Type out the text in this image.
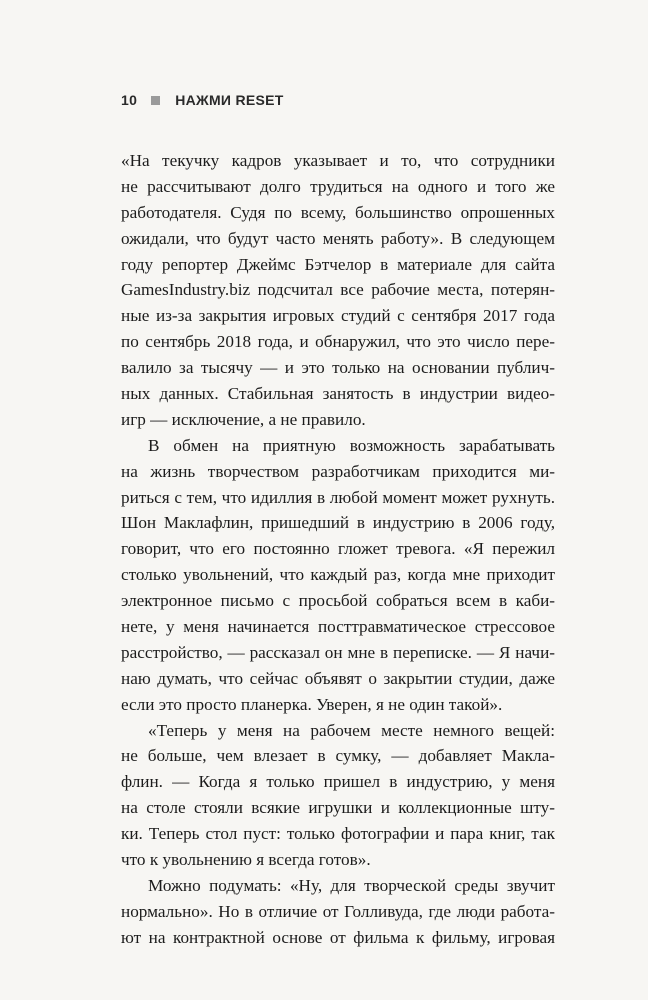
10	НАЖМИ RESET
«На текучку кадров указывает и то, что сотрудники
не рассчитывают долго трудиться на одного и того же
работодателя. Судя по всему, большинство опрошенных
ожидали, что будут часто менять работу». В следующем
году репортер Джеймс Бэтчелор в материале для сайта
GamesIndustry.biz подсчитал все рабочие места, потерян-
ные из-за закрытия игровых студий с сентября 2017 года
по сентябрь 2018 года, и обнаружил, что это число пере-
валило за тысячу — и это только на основании публич-
ных данных. Стабильная занятость в индустрии видео-
игр — исключение, а не правило.
В обмен на приятную возможность зарабатывать
на жизнь творчеством разработчикам приходится ми-
риться с тем, что идиллия в любой момент может рухнуть.
Шон Маклафлин, пришедший в индустрию в 2006 году,
говорит, что его постоянно гложет тревога. «Я пережил
столько увольнений, что каждый раз, когда мне приходит
электронное письмо с просьбой собраться всем в каби-
нете, у меня начинается посттравматическое стрессовое
расстройство, — рассказал он мне в переписке. — Я начи-
наю думать, что сейчас объявят о закрытии студии, даже
если это просто планерка. Уверен, я не один такой».
«Теперь у меня на рабочем месте немного вещей:
не больше, чем влезает в сумку, — добавляет Макла-
флин. — Когда я только пришел в индустрию, у меня
на столе стояли всякие игрушки и коллекционные шту-
ки. Теперь стол пуст: только фотографии и пара книг, так
что к увольнению я всегда готов».
Можно подумать: «Ну, для творческой среды звучит
нормально». Но в отличие от Голливуда, где люди работа-
ют на контрактной основе от фильма к фильму, игровая
